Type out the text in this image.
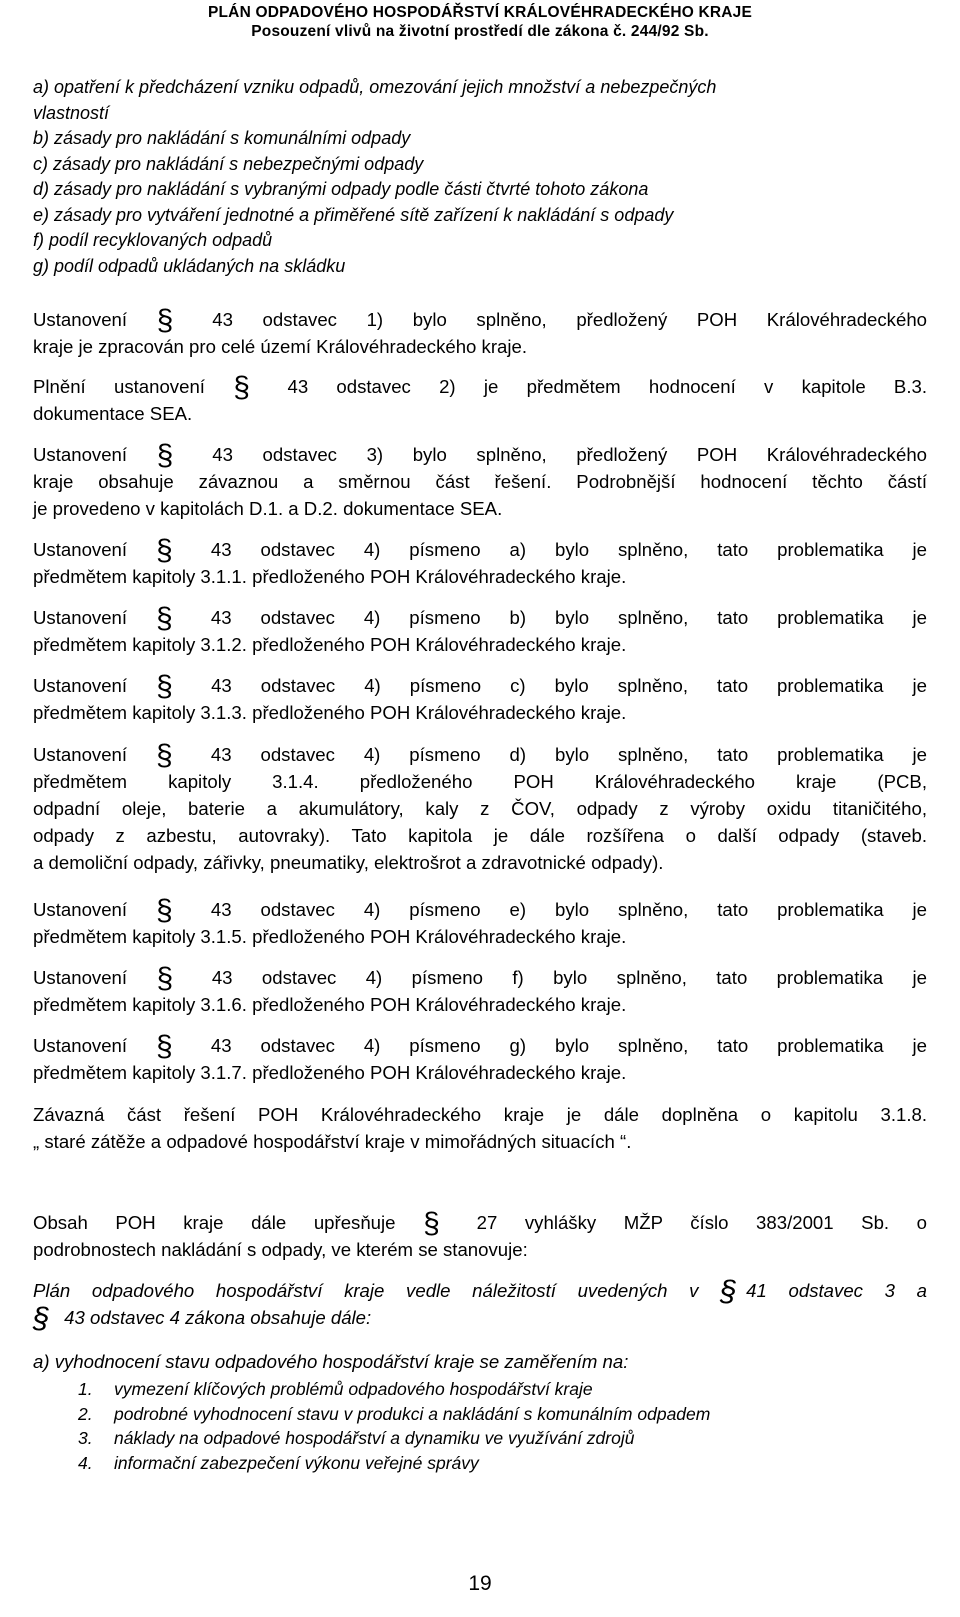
PLÁN ODPADOVÉHO HOSPODÁŘSTVÍ KRÁLOVÉHRADECKÉHO KRAJE
Posouzení vlivů na životní prostředí dle zákona č. 244/92 Sb.
a) opatření k předcházení vzniku odpadů, omezování jejich množství a nebezpečných
vlastností
b) zásady pro nakládání s komunálními odpady
c) zásady pro nakládání s nebezpečnými odpady
d) zásady pro nakládání s vybranými odpady podle části čtvrté tohoto zákona
e) zásady pro vytváření jednotné a přiměřené sítě zařízení k nakládání s odpady
f) podíl recyklovaných odpadů
g) podíl odpadů ukládaných na skládku
Ustanovení § 43 odstavec 1) bylo splněno, předložený POH Královéhradeckého
kraje je zpracován pro celé území Královéhradeckého kraje.
Plnění ustanovení § 43 odstavec 2) je předmětem hodnocení v kapitole B.3.
dokumentace SEA.
Ustanovení § 43 odstavec 3) bylo splněno, předložený POH Královéhradeckého
kraje obsahuje závaznou a směrnou část řešení. Podrobnější hodnocení těchto částí
je provedeno v kapitolách D.1. a D.2. dokumentace SEA.
Ustanovení § 43 odstavec 4) písmeno a) bylo splněno, tato problematika je
předmětem kapitoly 3.1.1. předloženého POH Královéhradeckého kraje.
Ustanovení § 43 odstavec 4) písmeno b) bylo splněno, tato problematika je
předmětem kapitoly 3.1.2. předloženého POH Královéhradeckého kraje.
Ustanovení § 43 odstavec 4) písmeno c) bylo splněno, tato problematika je
předmětem kapitoly 3.1.3. předloženého POH Královéhradeckého kraje.
Ustanovení § 43 odstavec 4) písmeno d) bylo splněno, tato problematika je
předmětem kapitoly 3.1.4. předloženého POH Královéhradeckého kraje (PCB,
odpadní oleje, baterie a akumulátory, kaly z ČOV, odpady z výroby oxidu titaničitého,
odpady z azbestu, autovraky). Tato kapitola je dále rozšířena o další odpady (staveb.
a demoliční odpady, zářivky, pneumatiky, elektrošrot a zdravotnické odpady).
Ustanovení § 43 odstavec 4) písmeno e) bylo splněno, tato problematika je
předmětem kapitoly 3.1.5. předloženého POH Královéhradeckého kraje.
Ustanovení § 43 odstavec 4) písmeno f) bylo splněno, tato problematika je
předmětem kapitoly 3.1.6. předloženého POH Královéhradeckého kraje.
Ustanovení § 43 odstavec 4) písmeno g) bylo splněno, tato problematika je
předmětem kapitoly 3.1.7. předloženého POH Královéhradeckého kraje.
Závazná část řešení POH Královéhradeckého kraje je dále doplněna o kapitolu 3.1.8.
„ staré zátěže a odpadové hospodářství kraje v mimořádných situacích “.
Obsah POH kraje dále upřesňuje § 27 vyhlášky MŽP číslo 383/2001 Sb. o
podrobnostech nakládání s odpady, ve kterém se stanovuje:
Plán odpadového hospodářství kraje vedle náležitostí uvedených v § 41 odstavec 3 a
§ 43 odstavec 4 zákona obsahuje dále:
a) vyhodnocení stavu odpadového hospodářství kraje se zaměřením na:
1. vymezení klíčových problémů odpadového hospodářství kraje
2. podrobné vyhodnocení stavu v produkci a nakládání s komunálním odpadem
3. náklady na odpadové hospodářství a dynamiku ve využívání zdrojů
4. informační zabezpečení výkonu veřejné správy
19
